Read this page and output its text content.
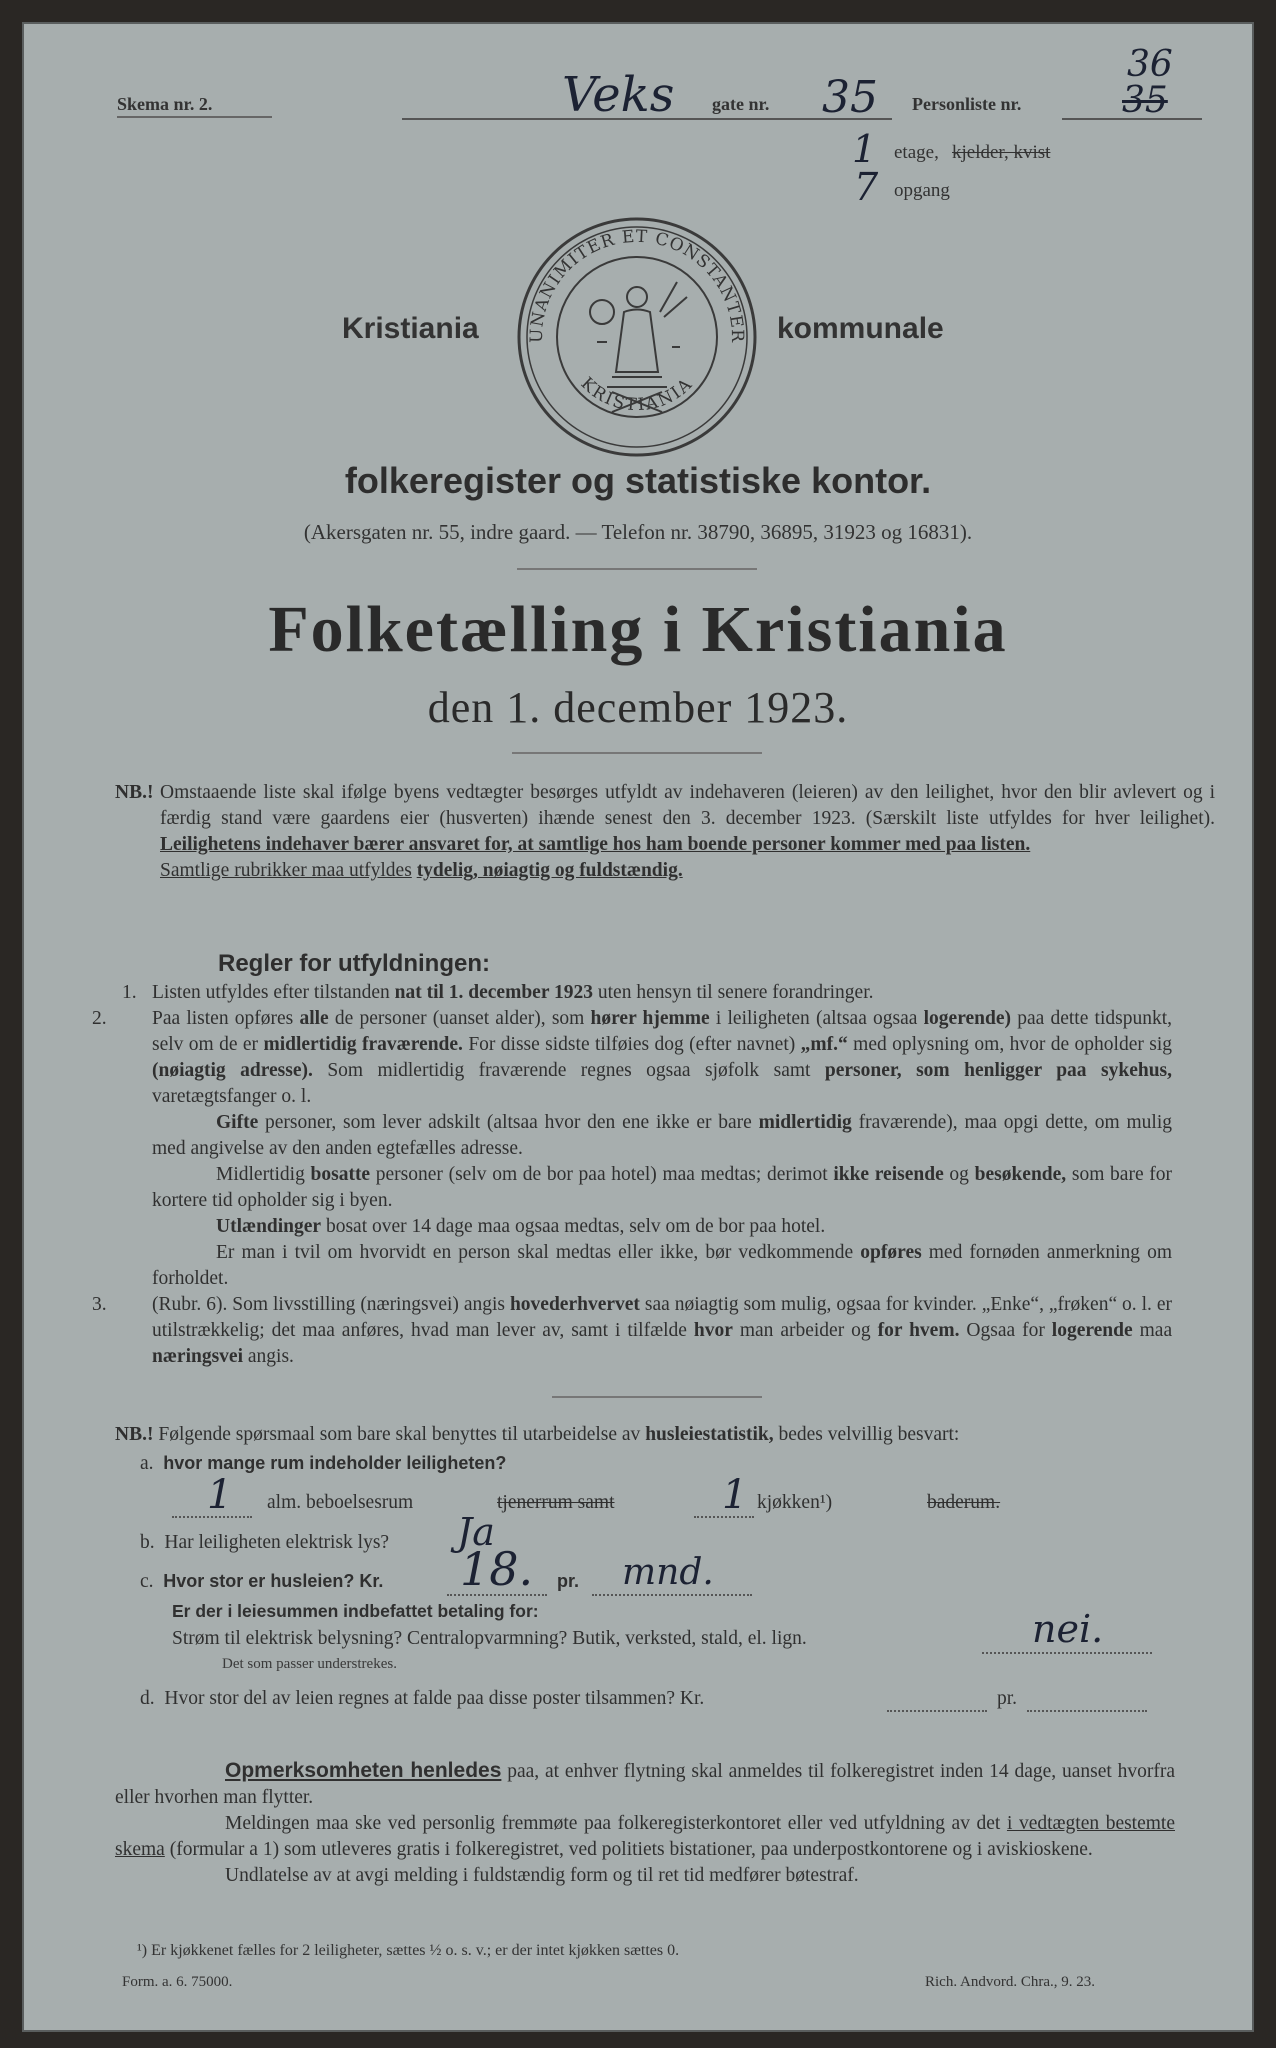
Skema nr. 2.	Veks gate nr. 35 Personliste nr.
36
35
1 etage, kjelder, kvist
7 opgang
Kristiania	kommunale
UNANIMITER ET CONSTANTER
KRISTIANIA
folkeregister og statistiske kontor.
(Akersgaten nr. 55, indre gaard. — Telefon nr. 38790, 36895, 31923 og 16831).
Folketælling i Kristiania
den 1. december 1923.
NB.! Omstaaende liste skal ifølge byens vedtægter besørges utfyldt av indehaveren (leieren) av den leilighet, hvor den blir avlevert og i færdig stand være gaardens eier (husverten) ihænde senest den 3. december 1923. (Særskilt liste utfyldes for hver leilighet). Leilighetens indehaver bærer ansvaret for, at samtlige hos ham boende personer kommer med paa listen.
Samtlige rubrikker maa utfyldes tydelig, nøiagtig og fuldstændig.
Regler for utfyldningen:

1. Listen utfyldes efter tilstanden nat til 1. december 1923 uten hensyn til senere forandringer.

2. Paa listen opføres alle de personer (uanset alder), som hører hjemme i leiligheten (altsaa ogsaa logerende) paa dette tidspunkt, selv om de er midlertidig fraværende. For disse sidste tilføies dog (efter navnet) „mf.“ med oplysning om, hvor de opholder sig (nøiagtig adresse). Som midlertidig fraværende regnes ogsaa sjøfolk samt personer, som henligger paa sykehus, varetægtsfanger o. l.

Gifte personer, som lever adskilt (altsaa hvor den ene ikke er bare midlertidig fraværende), maa opgi dette, om mulig med angivelse av den anden egtefælles adresse.

Midlertidig bosatte personer (selv om de bor paa hotel) maa medtas; derimot ikke reisende og besøkende, som bare for kortere tid opholder sig i byen.

Utlændinger bosat over 14 dage maa ogsaa medtas, selv om de bor paa hotel.

Er man i tvil om hvorvidt en person skal medtas eller ikke, bør vedkommende opføres med fornøden anmerkning om forholdet.

3. (Rubr. 6). Som livsstilling (næringsvei) angis hovederhvervet saa nøiagtig som mulig, ogsaa for kvinder. „Enke“, „frøken“ o. l. er utilstrækkelig; det maa anføres, hvad man lever av, samt i tilfælde hvor man arbeider og for hvem. Ogsaa for logerende maa næringsvei angis.

NB.! Følgende spørsmaal som bare skal benyttes til utarbeidelse av husleiestatistik, bedes velvillig besvart:
a. hvor mange rum indeholder leiligheten?
1 alm. beboelsesrum	tjenerrum samt	1 kjøkken¹)	baderum.
b. Har leiligheten elektrisk lys? Ja
c. Hvor stor er husleien? Kr. 18. pr. mnd.
Er der i leiesummen indbefattet betaling for:
Strøm til elektrisk belysning? Centralopvarmning? Butik, verksted, stald, el. lign.	nei.
Det som passer understrekes.
d. Hvor stor del av leien regnes at falde paa disse poster tilsammen? Kr.	pr.

Opmerksomheten henledes paa, at enhver flytning skal anmeldes til folkeregistret inden 14 dage, uanset hvorfra eller hvorhen man flytter.

Meldingen maa ske ved personlig fremmøte paa folkeregisterkontoret eller ved utfyldning av det i vedtægten bestemte skema (formular a 1) som utleveres gratis i folkeregistret, ved politiets bistationer, paa underpostkontorene og i aviskioskene.

Undlatelse av at avgi melding i fuldstændig form og til ret tid medfører bøtestraf.

¹) Er kjøkkenet fælles for 2 leiligheter, sættes ½ o. s. v.; er der intet kjøkken sættes 0.
Form. a. 6. 75000.	Rich. Andvord. Chra., 9. 23.
